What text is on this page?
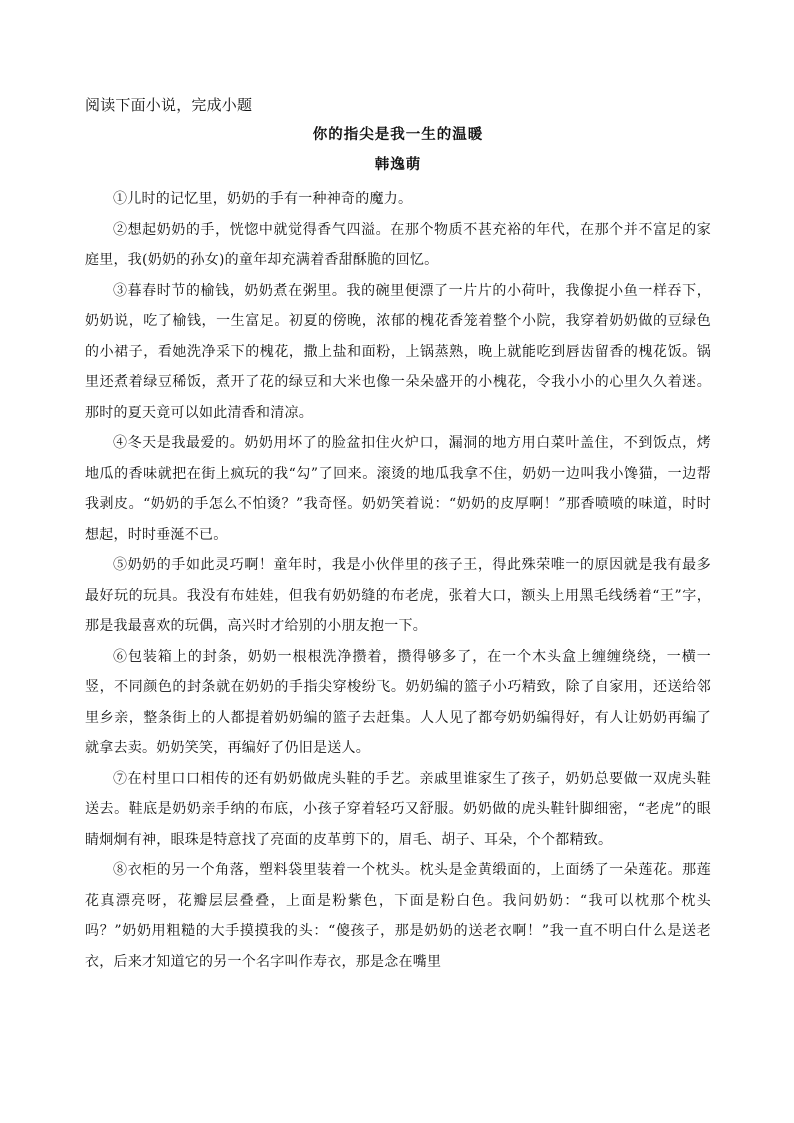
阅读下面小说，完成小题

你的指尖是我一生的温暖

韩逸萌

①儿时的记忆里，奶奶的手有一种神奇的魔力。

②想起奶奶的手，恍惚中就觉得香气四溢。在那个物质不甚充裕的年代，在那个并不富足的家庭里，我(奶奶的孙女)的童年却充满着香甜酥脆的回忆。

③暮春时节的榆钱，奶奶煮在粥里。我的碗里便漂了一片片的小荷叶，我像捉小鱼一样吞下，奶奶说，吃了榆钱，一生富足。初夏的傍晚，浓郁的槐花香笼着整个小院，我穿着奶奶做的豆绿色的小裙子，看她洗净采下的槐花，撒上盐和面粉，上锅蒸熟，晚上就能吃到唇齿留香的槐花饭。锅里还煮着绿豆稀饭，煮开了花的绿豆和大米也像一朵朵盛开的小槐花，令我小小的心里久久着迷。那时的夏天竟可以如此清香和清凉。

④冬天是我最爱的。奶奶用坏了的脸盆扣住火炉口，漏洞的地方用白菜叶盖住，不到饭点，烤地瓜的香味就把在街上疯玩的我“勾”了回来。滚烫的地瓜我拿不住，奶奶一边叫我小馋猫，一边帮我剥皮。“奶奶的手怎么不怕烫？”我奇怪。奶奶笑着说：“奶奶的皮厚啊！”那香喷喷的味道，时时想起，时时垂涎不已。

⑤奶奶的手如此灵巧啊！童年时，我是小伙伴里的孩子王，得此殊荣唯一的原因就是我有最多最好玩的玩具。我没有布娃娃，但我有奶奶缝的布老虎，张着大口，额头上用黑毛线绣着“王”字，那是我最喜欢的玩偶，高兴时才给别的小朋友抱一下。

⑥包装箱上的封条，奶奶一根根洗净攒着，攒得够多了，在一个木头盒上缠缠绕绕，一横一竖，不同颜色的封条就在奶奶的手指尖穿梭纷飞。奶奶编的篮子小巧精致，除了自家用，还送给邻里乡亲，整条街上的人都提着奶奶编的篮子去赶集。人人见了都夸奶奶编得好，有人让奶奶再编了就拿去卖。奶奶笑笑，再编好了仍旧是送人。

⑦在村里口口相传的还有奶奶做虎头鞋的手艺。亲戚里谁家生了孩子，奶奶总要做一双虎头鞋送去。鞋底是奶奶亲手纳的布底，小孩子穿着轻巧又舒服。奶奶做的虎头鞋针脚细密，“老虎”的眼睛炯炯有神，眼珠是特意找了亮面的皮革剪下的，眉毛、胡子、耳朵，个个都精致。

⑧衣柜的另一个角落，塑料袋里装着一个枕头。枕头是金黄缎面的，上面绣了一朵莲花。那莲花真漂亮呀，花瓣层层叠叠，上面是粉紫色，下面是粉白色。我问奶奶：“我可以枕那个枕头吗？”奶奶用粗糙的大手摸摸我的头：“傻孩子，那是奶奶的送老衣啊！”我一直不明白什么是送老衣，后来才知道它的另一个名字叫作寿衣，那是念在嘴里
